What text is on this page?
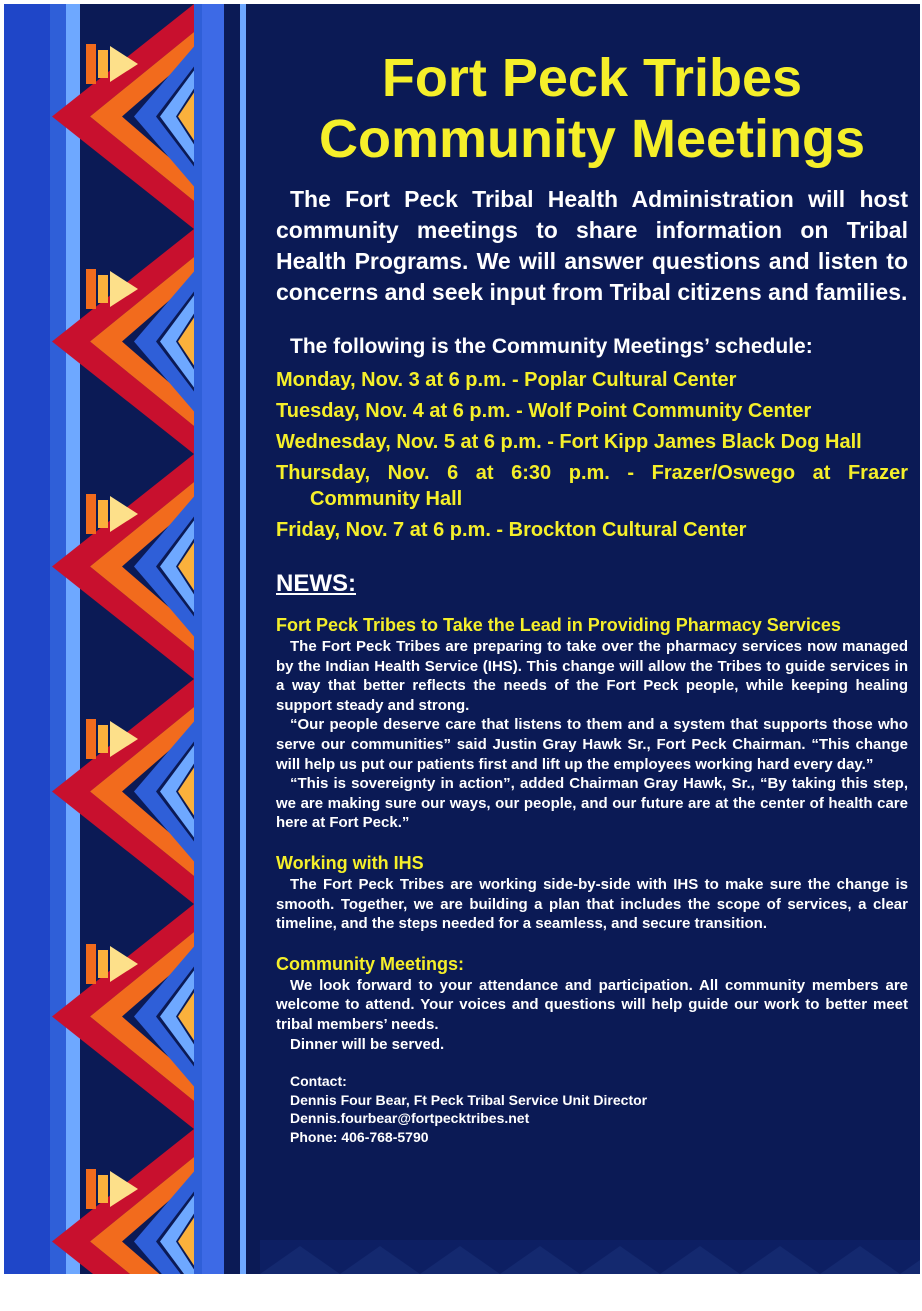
Fort Peck Tribes
Community Meetings

The Fort Peck Tribal Health Administration will host community meetings to share information on Tribal Health Programs. We will answer questions and listen to concerns and seek input from Tribal citizens and families.

The following is the Community Meetings’ schedule:
Monday, Nov. 3 at 6 p.m. - Poplar Cultural Center
Tuesday, Nov. 4 at 6 p.m. - Wolf Point Community Center
Wednesday, Nov. 5 at 6 p.m. - Fort Kipp James Black Dog Hall
Thursday, Nov. 6 at 6:30 p.m. - Frazer/Oswego at Frazer Community Hall
Friday, Nov. 7 at 6 p.m. - Brockton Cultural Center
NEWS:
Fort Peck Tribes to Take the Lead in Providing Pharmacy Services

The Fort Peck Tribes are preparing to take over the pharmacy services now managed by the Indian Health Service (IHS). This change will allow the Tribes to guide services in a way that better reflects the needs of the Fort Peck people, while keeping healing support steady and strong.

“Our people deserve care that listens to them and a system that supports those who serve our communities” said Justin Gray Hawk Sr., Fort Peck Chairman. “This change will help us put our patients first and lift up the employees working hard every day.”

“This is sovereignty in action”, added Chairman Gray Hawk, Sr., “By taking this step, we are making sure our ways, our people, and our future are at the center of health care here at Fort Peck.”

Working with IHS

The Fort Peck Tribes are working side-by-side with IHS to make sure the change is smooth. Together, we are building a plan that includes the scope of services, a clear timeline, and the steps needed for a seamless, and secure transition.

Community Meetings:

We look forward to your attendance and participation. All community members are welcome to attend. Your voices and questions will help guide our work to better meet tribal members’ needs.

Dinner will be served.

Contact:
Dennis Four Bear, Ft Peck Tribal Service Unit Director
Dennis.fourbear@fortpecktribes.net
Phone: 406-768-5790
